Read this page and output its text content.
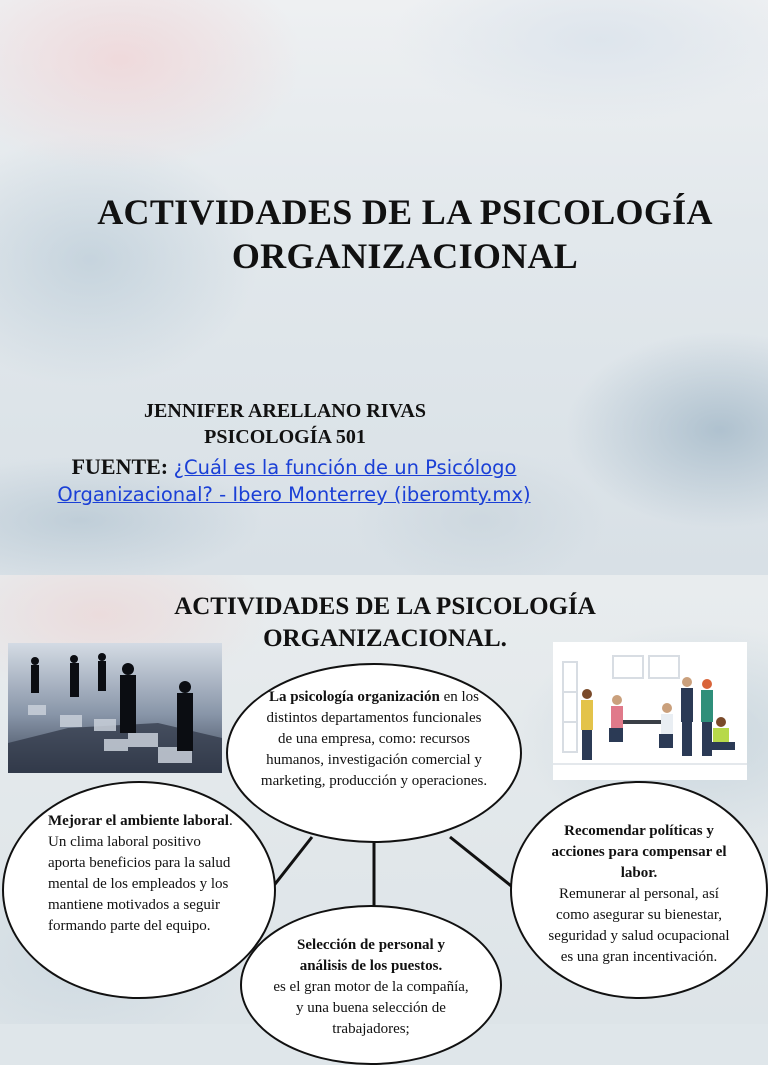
ACTIVIDADES DE LA PSICOLOGÍA ORGANIZACIONAL
JENNIFER ARELLANO RIVAS
PSICOLOGÍA 501
FUENTE: ¿Cuál es la función de un Psicólogo Organizacional? - Ibero Monterrey (iberomty.mx)
ACTIVIDADES DE LA PSICOLOGÍA ORGANIZACIONAL.
La psicología organización en los distintos departamentos funcionales de una empresa, como: recursos humanos, investigación comercial y marketing, producción y operaciones.
Mejorar el ambiente laboral.
Un clima laboral positivo aporta beneficios para la salud mental de los empleados y los mantiene motivados a seguir formando parte del equipo.
Recomendar políticas y acciones para compensar el labor.
Remunerar al personal, así como asegurar su bienestar, seguridad y salud ocupacional es una gran incentivación.
Selección de personal y análisis de los puestos.
es el gran motor de la compañía, y una buena selección de trabajadores;
